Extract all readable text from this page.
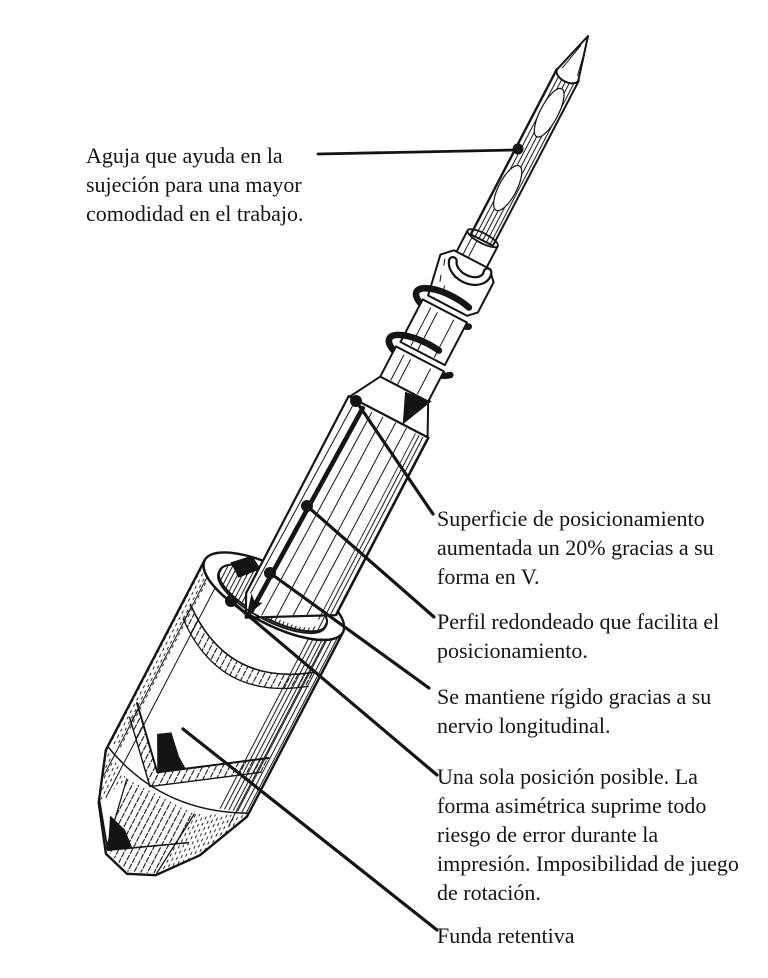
Aguja que ayuda en la sujeción para una mayor comodidad en el trabajo.
Superficie de posicionamiento aumentada un 20% gracias a su forma en V.
Perfil redondeado que facilita el posicionamiento.
Se mantiene rígido gracias a su nervio longitudinal.
Una sola posición posible. La forma asimétrica suprime todo riesgo de error durante la impresión. Imposibilidad de juego de rotación.
Funda retentiva
